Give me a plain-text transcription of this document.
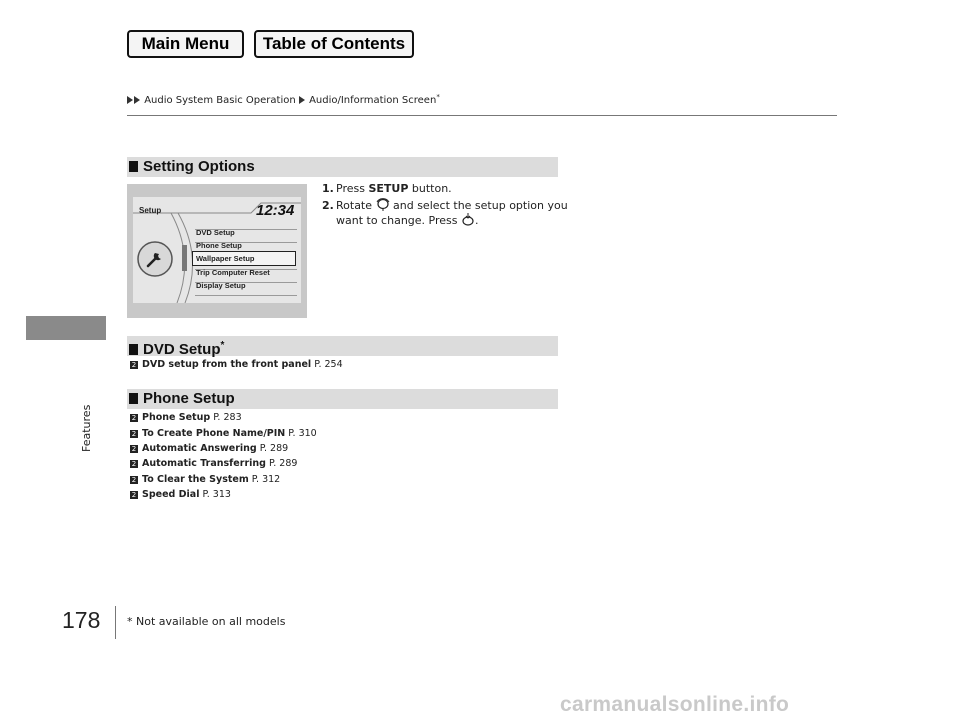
Main Menu	Table of Contents
Audio System Basic Operation Audio/Information Screen*
Features
Setting Options
Setup	12:34
DVD Setup
Phone Setup
Wallpaper Setup
Trip Computer Reset
Display Setup
1. Press SETUP button.
2. Rotate  and select the setup option you
want to change. Press .
DVD Setup*
2 DVD setup from the front panel P. 254
Phone Setup
2 Phone Setup P. 283
2 To Create Phone Name/PIN P. 310
2 Automatic Answering P. 289
2 Automatic Transferring P. 289
2 To Clear the System P. 312
2 Speed Dial P. 313
178 * Not available on all models
carmanualsonline.info
